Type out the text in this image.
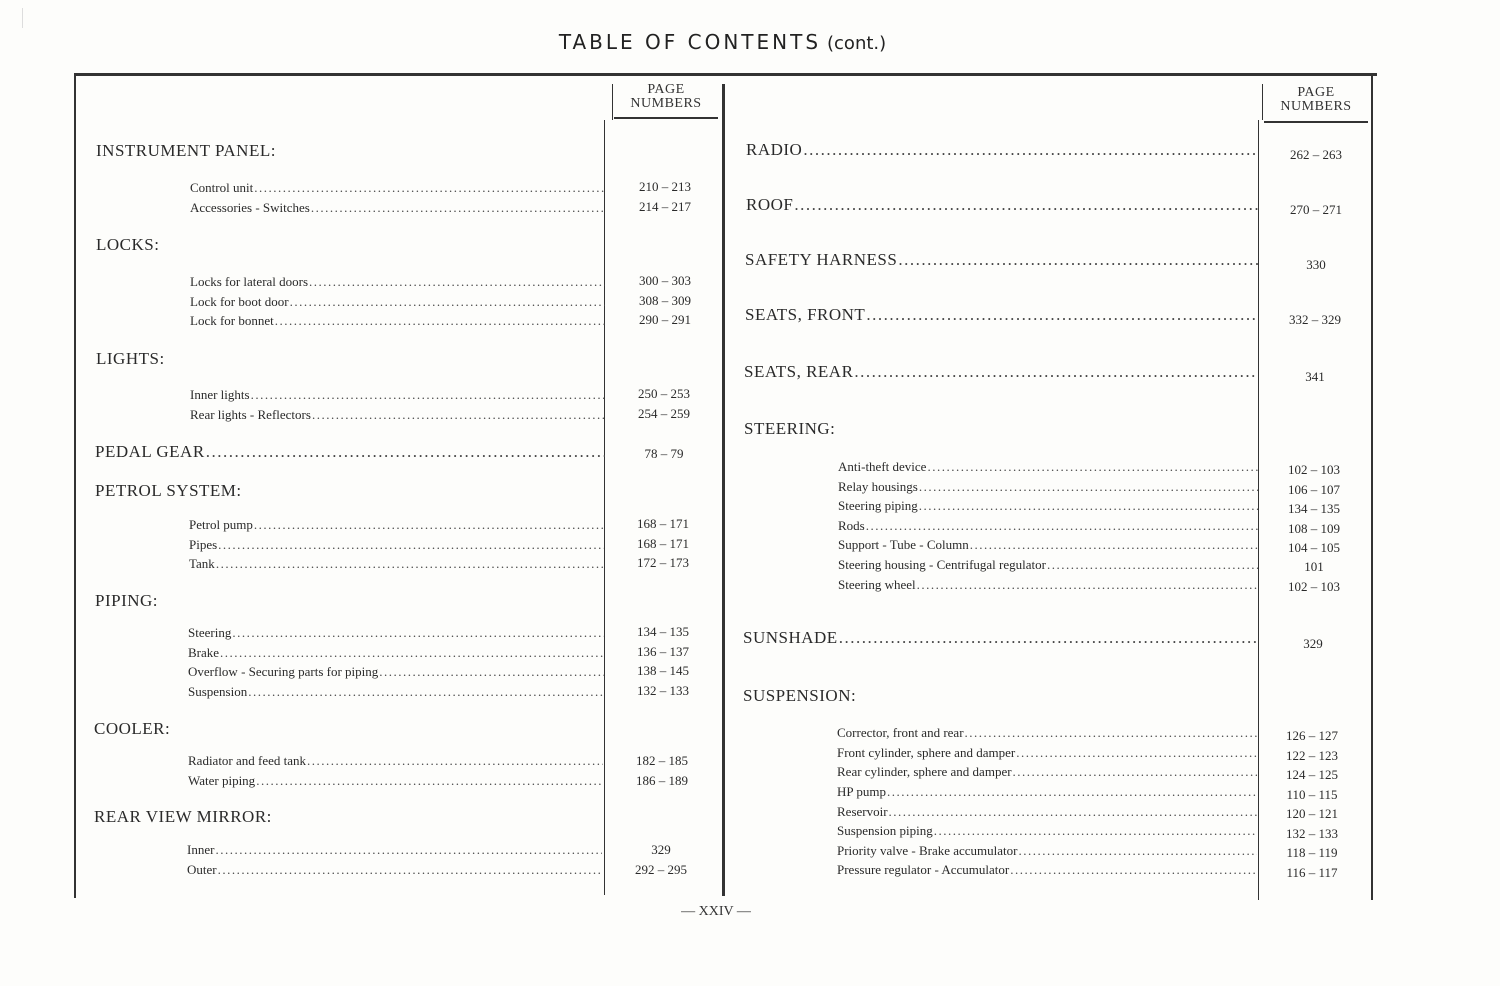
TABLE OF CONTENTS (cont.)
PAGE
NUMBERS
PAGE
NUMBERS
INSTRUMENT PANEL:
Control unit .....	210 – 213
Accessories - Switches .....	214 – 217
LOCKS:
Locks for lateral doors .....	300 – 303
Lock for boot door .....	308 – 309
Lock for bonnet .....	290 – 291
LIGHTS:
Inner lights .....	250 – 253
Rear lights - Reflectors .....	254 – 259
PEDAL GEAR .....	78 – 79
PETROL SYSTEM:
Petrol pump .....	168 – 171
Pipes .....	168 – 171
Tank .....	172 – 173
PIPING:
Steering .....	134 – 135
Brake .....	136 – 137
Overflow - Securing parts for piping .....	138 – 145
Suspension .....	132 – 133
COOLER:
Radiator and feed tank .....	182 – 185
Water piping .....	186 – 189
REAR VIEW MIRROR:
Inner .....	329
Outer .....	292 – 295
RADIO .....	262 – 263
ROOF .....	270 – 271
SAFETY HARNESS .....	330
SEATS, FRONT .....	332 – 329
SEATS, REAR .....	341
STEERING:
Anti-theft device .....	102 – 103
Relay housings .....	106 – 107
Steering piping .....	134 – 135
Rods .....	108 – 109
Support - Tube - Column .....	104 – 105
Steering housing - Centrifugal regulator .....	101
Steering wheel .....	102 – 103
SUNSHADE .....	329
SUSPENSION:
Corrector, front and rear .....	126 – 127
Front cylinder, sphere and damper .....	122 – 123
Rear cylinder, sphere and damper .....	124 – 125
HP pump .....	110 – 115
Reservoir .....	120 – 121
Suspension piping .....	132 – 133
Priority valve - Brake accumulator .....	118 – 119
Pressure regulator - Accumulator .....	116 – 117
— XXIV —
